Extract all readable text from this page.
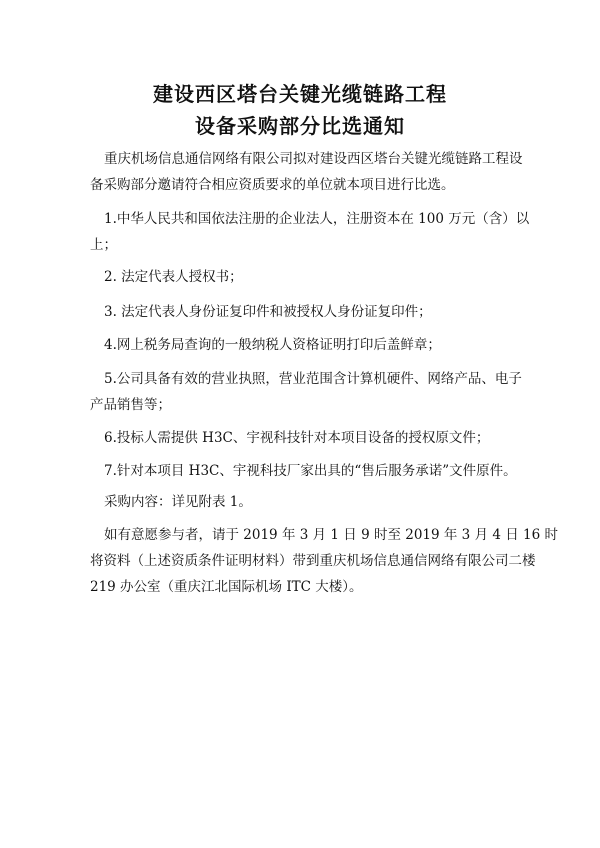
建设西区塔台关键光缆链路工程
设备采购部分比选通知
重庆机场信息通信网络有限公司拟对建设西区塔台关键光缆链路工程设
备采购部分邀请符合相应资质要求的单位就本项目进行比选。
1.中华人民共和国依法注册的企业法人，注册资本在 100 万元（含）以
上；
2. 法定代表人授权书；
3. 法定代表人身份证复印件和被授权人身份证复印件；
4.网上税务局查询的一般纳税人资格证明打印后盖鲜章；
5.公司具备有效的营业执照，营业范围含计算机硬件、网络产品、电子
产品销售等；
6.投标人需提供 H3C、宇视科技针对本项目设备的授权原文件；
7.针对本项目 H3C、宇视科技厂家出具的“售后服务承诺”文件原件。
采购内容：详见附表 1。
如有意愿参与者，请于 2019 年 3 月 1 日 9 时至 2019 年 3 月 4 日 16 时
将资料（上述资质条件证明材料）带到重庆机场信息通信网络有限公司二楼
219 办公室（重庆江北国际机场 ITC 大楼）。
